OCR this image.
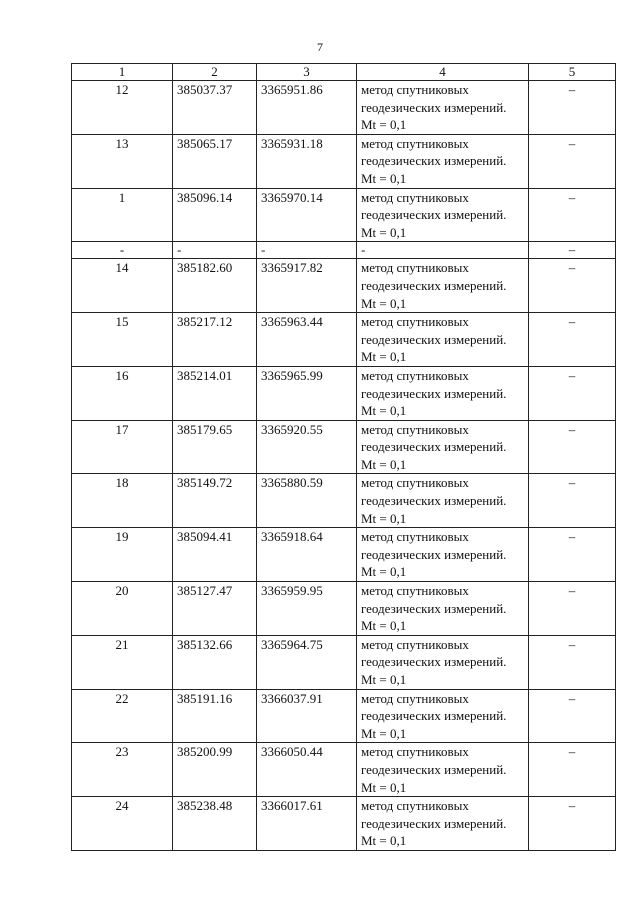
7
1	2	3	4	5
12	385037.37	3365951.86	метод спутниковых геодезических измерений. Mt = 0,1	–
13	385065.17	3365931.18	метод спутниковых геодезических измерений. Mt = 0,1	–
1	385096.14	3365970.14	метод спутниковых геодезических измерений. Mt = 0,1	–
-	-	-	-	–
14	385182.60	3365917.82	метод спутниковых геодезических измерений. Mt = 0,1	–
15	385217.12	3365963.44	метод спутниковых геодезических измерений. Mt = 0,1	–
16	385214.01	3365965.99	метод спутниковых геодезических измерений. Mt = 0,1	–
17	385179.65	3365920.55	метод спутниковых геодезических измерений. Mt = 0,1	–
18	385149.72	3365880.59	метод спутниковых геодезических измерений. Mt = 0,1	–
19	385094.41	3365918.64	метод спутниковых геодезических измерений. Mt = 0,1	–
20	385127.47	3365959.95	метод спутниковых геодезических измерений. Mt = 0,1	–
21	385132.66	3365964.75	метод спутниковых геодезических измерений. Mt = 0,1	–
22	385191.16	3366037.91	метод спутниковых геодезических измерений. Mt = 0,1	–
23	385200.99	3366050.44	метод спутниковых геодезических измерений. Mt = 0,1	–
24	385238.48	3366017.61	метод спутниковых геодезических измерений. Mt = 0,1	–
